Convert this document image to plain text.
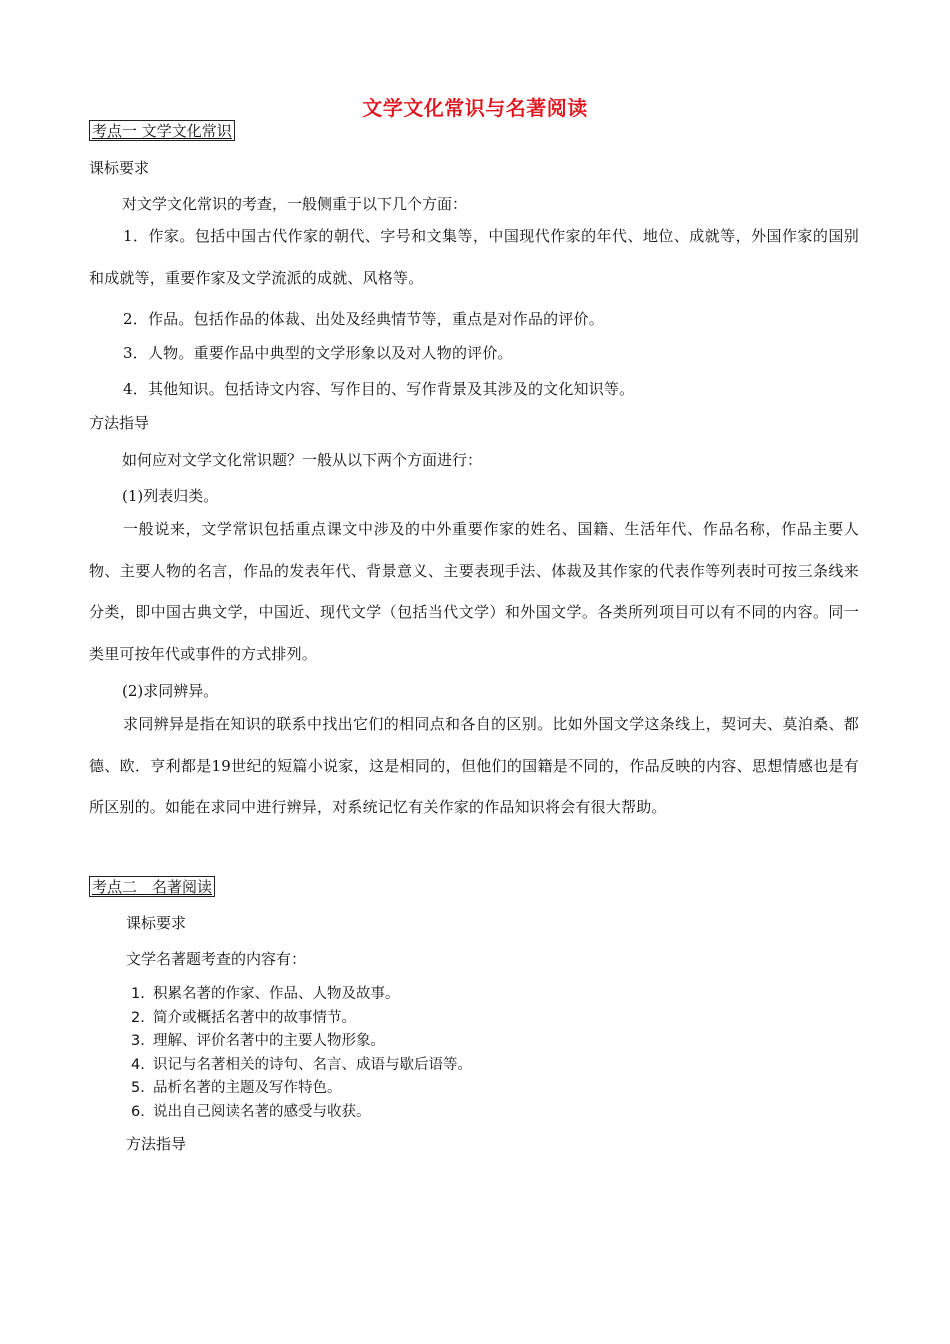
文学文化常识与名著阅读
考点一 文学文化常识
课标要求
对文学文化常识的考查，一般侧重于以下几个方面：
1．作家。包括中国古代作家的朝代、字号和文集等，中国现代作家的年代、地位、成就等，外国作家的国别和成就等，重要作家及文学流派的成就、风格等。
2．作品。包括作品的体裁、出处及经典情节等，重点是对作品的评价。
3．人物。重要作品中典型的文学形象以及对人物的评价。
4．其他知识。包括诗文内容、写作目的、写作背景及其涉及的文化知识等。
方法指导
如何应对文学文化常识题？一般从以下两个方面进行：
(1)列表归类。
一般说来，文学常识包括重点课文中涉及的中外重要作家的姓名、国籍、生活年代、作品名称，作品主要人物、主要人物的名言，作品的发表年代、背景意义、主要表现手法、体裁及其作家的代表作等列表时可按三条线来分类，即中国古典文学，中国近、现代文学（包括当代文学）和外国文学。各类所列项目可以有不同的内容。同一类里可按年代或事件的方式排列。
(2)求同辨异。
求同辨异是指在知识的联系中找出它们的相同点和各自的区别。比如外国文学这条线上，契诃夫、莫泊桑、都德、欧．亨利都是19世纪的短篇小说家，这是相同的，但他们的国籍是不同的，作品反映的内容、思想情感也是有所区别的。如能在求同中进行辨异，对系统记忆有关作家的作品知识将会有很大帮助。
考点二　名著阅读
课标要求
文学名著题考查的内容有：
1. 积累名著的作家、作品、人物及故事。
2. 简介或概括名著中的故事情节。
3. 理解、评价名著中的主要人物形象。
4. 识记与名著相关的诗句、名言、成语与歇后语等。
5. 品析名著的主题及写作特色。
6. 说出自己阅读名著的感受与收获。
方法指导
